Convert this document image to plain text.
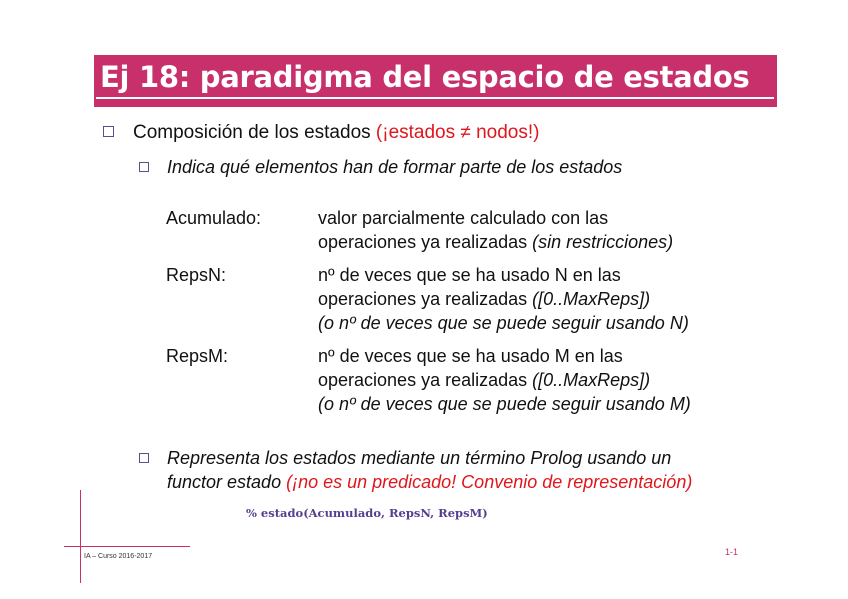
Ej 18: paradigma del espacio de estados
Composición de los estados (¡estados ≠ nodos!)
Indica qué elementos han de formar parte de los estados
Acumulado:	valor parcialmente calculado con las
operaciones ya realizadas (sin restricciones)
RepsN:	nº de veces que se ha usado N en las
operaciones ya realizadas ([0..MaxReps])
(o nº de veces que se puede seguir usando N)
RepsM:	nº de veces que se ha usado M en las
operaciones ya realizadas ([0..MaxReps])
(o nº de veces que se puede seguir usando M)
Representa los estados mediante un término Prolog usando un
functor estado (¡no es un predicado! Convenio de representación)
% estado(Acumulado, RepsN, RepsM)
IA – Curso 2016-2017	1-1
